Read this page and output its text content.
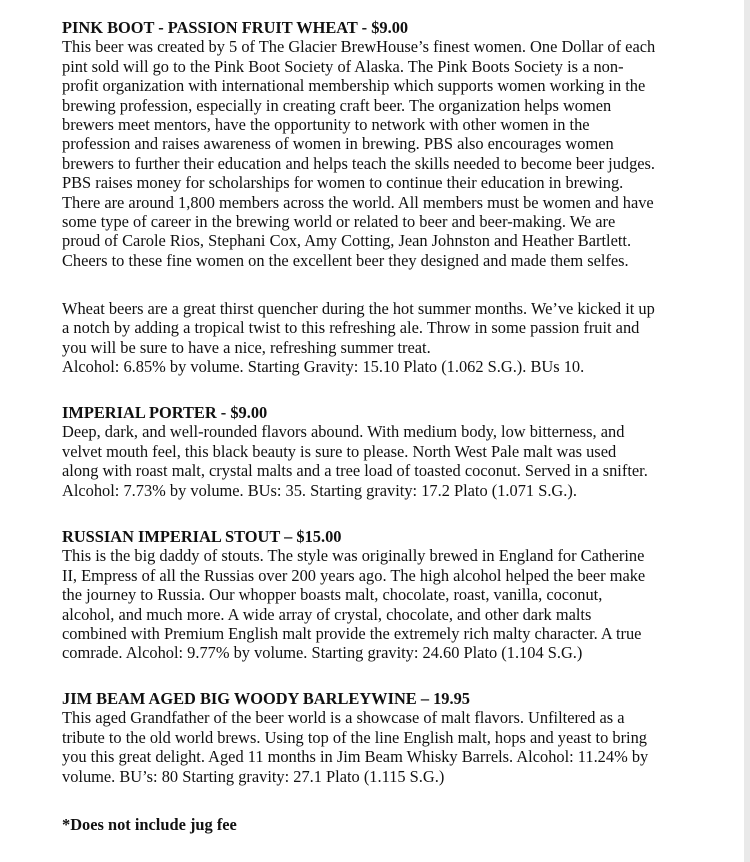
PINK BOOT - PASSION FRUIT WHEAT - $9.00
This beer was created by 5 of The Glacier BrewHouse’s finest women. One Dollar of each
pint sold will go to the Pink Boot Society of Alaska. The Pink Boots Society is a non-
profit organization with international membership which supports women working in the
brewing profession, especially in creating craft beer. The organization helps women
brewers meet mentors, have the opportunity to network with other women in the
profession and raises awareness of women in brewing. PBS also encourages women
brewers to further their education and helps teach the skills needed to become beer judges.
PBS raises money for scholarships for women to continue their education in brewing.
There are around 1,800 members across the world. All members must be women and have
some type of career in the brewing world or related to beer and beer-making. We are
proud of Carole Rios, Stephani Cox, Amy Cotting, Jean Johnston and Heather Bartlett.
Cheers to these fine women on the excellent beer they designed and made them selfes.
Wheat beers are a great thirst quencher during the hot summer months. We’ve kicked it up
a notch by adding a tropical twist to this refreshing ale. Throw in some passion fruit and
you will be sure to have a nice, refreshing summer treat.
Alcohol: 6.85% by volume. Starting Gravity: 15.10 Plato (1.062 S.G.). BUs 10.
IMPERIAL PORTER - $9.00
Deep, dark, and well-rounded flavors abound. With medium body, low bitterness, and
velvet mouth feel, this black beauty is sure to please. North West Pale malt was used
along with roast malt, crystal malts and a tree load of toasted coconut. Served in a snifter.
Alcohol: 7.73% by volume. BUs: 35. Starting gravity: 17.2 Plato (1.071 S.G.).
RUSSIAN IMPERIAL STOUT – $15.00
This is the big daddy of stouts. The style was originally brewed in England for Catherine
II, Empress of all the Russias over 200 years ago. The high alcohol helped the beer make
the journey to Russia. Our whopper boasts malt, chocolate, roast, vanilla, coconut,
alcohol, and much more. A wide array of crystal, chocolate, and other dark malts
combined with Premium English malt provide the extremely rich malty character. A true
comrade. Alcohol: 9.77% by volume. Starting gravity: 24.60 Plato (1.104 S.G.)
JIM BEAM AGED BIG WOODY BARLEYWINE – 19.95
This aged Grandfather of the beer world is a showcase of malt flavors. Unfiltered as a
tribute to the old world brews. Using top of the line English malt, hops and yeast to bring
you this great delight. Aged 11 months in Jim Beam Whisky Barrels. Alcohol: 11.24% by
volume. BU’s: 80 Starting gravity: 27.1 Plato (1.115 S.G.)
*Does not include jug fee
